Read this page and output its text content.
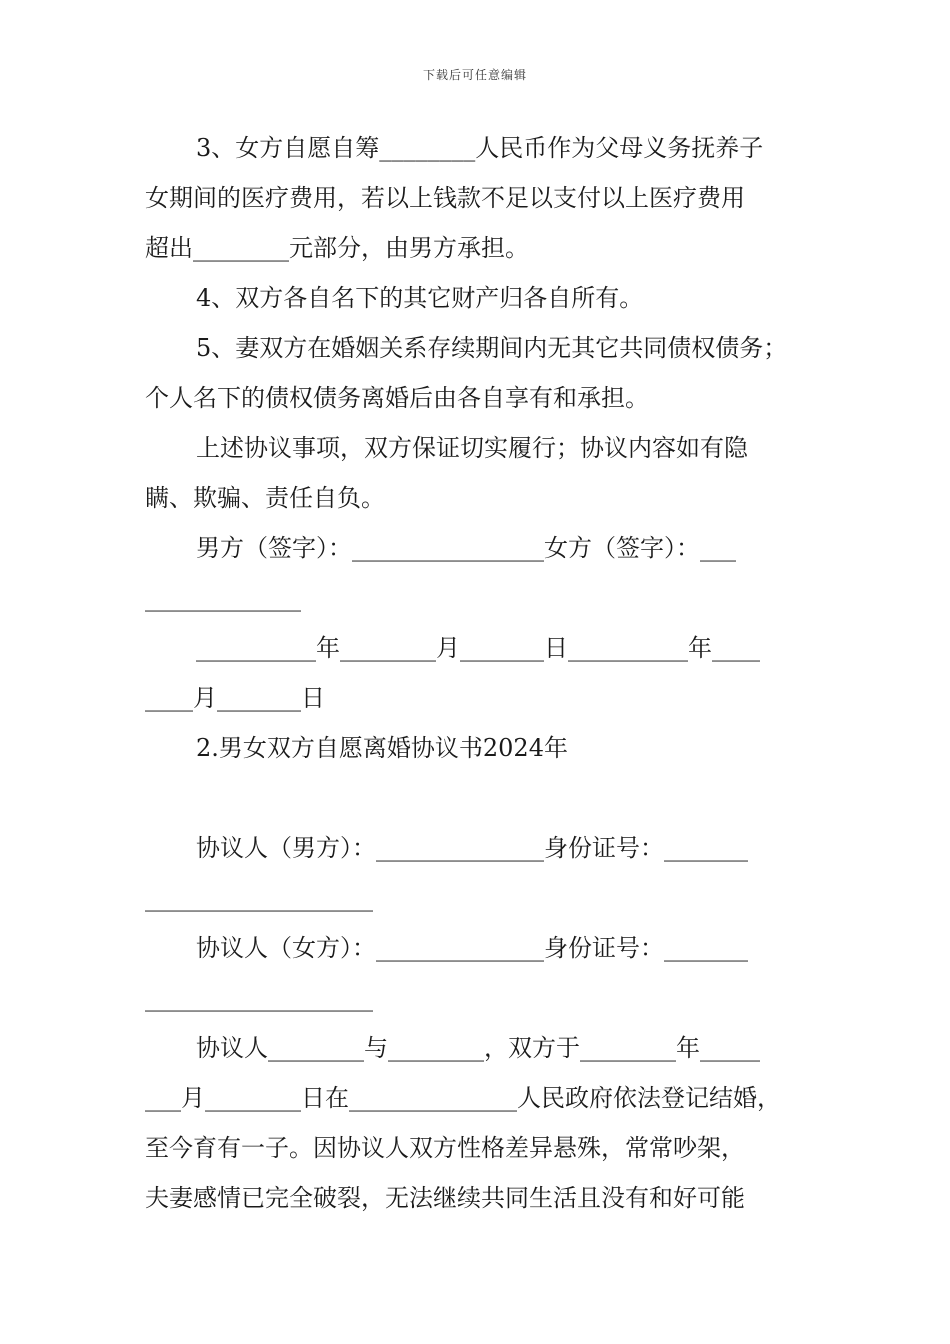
下载后可任意编辑
3、女方自愿自筹________人民币作为父母义务抚养子
女期间的医疗费用，若以上钱款不足以支付以上医疗费用
超出________元部分，由男方承担。
4、双方各自名下的其它财产归各自所有。
5、妻双方在婚姻关系存续期间内无其它共同债权债务；
个人名下的债权债务离婚后由各自享有和承担。
上述协议事项，双方保证切实履行；协议内容如有隐
瞒、欺骗、责任自负。
男方（签字）：________________女方（签字）：___
_____________
__________年________月_______日__________年____
____月_______日
2.男女双方自愿离婚协议书2024年
协议人（男方）：______________身份证号：_______
___________________
协议人（女方）：______________身份证号：_______
___________________
协议人________与________，双方于________年_____
___月________日在______________人民政府依法登记结婚，
至今育有一子。因协议人双方性格差异悬殊，常常吵架，
夫妻感情已完全破裂，无法继续共同生活且没有和好可能
